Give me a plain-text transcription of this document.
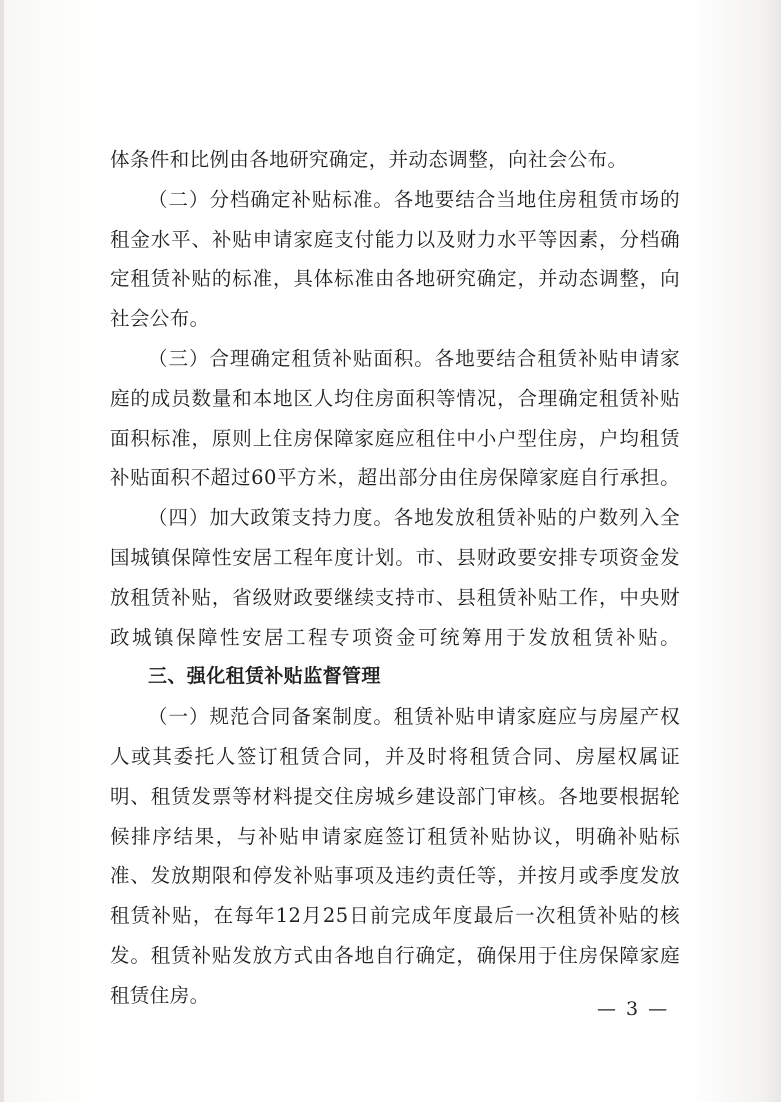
体条件和比例由各地研究确定，并动态调整，向社会公布。
（二）分档确定补贴标准。各地要结合当地住房租赁市场的
租金水平、补贴申请家庭支付能力以及财力水平等因素，分档确
定租赁补贴的标准，具体标准由各地研究确定，并动态调整，向
社会公布。
（三）合理确定租赁补贴面积。各地要结合租赁补贴申请家
庭的成员数量和本地区人均住房面积等情况，合理确定租赁补贴
面积标准，原则上住房保障家庭应租住中小户型住房，户均租赁
补贴面积不超过60平方米，超出部分由住房保障家庭自行承担。
（四）加大政策支持力度。各地发放租赁补贴的户数列入全
国城镇保障性安居工程年度计划。市、县财政要安排专项资金发
放租赁补贴，省级财政要继续支持市、县租赁补贴工作，中央财
政城镇保障性安居工程专项资金可统筹用于发放租赁补贴。
三、强化租赁补贴监督管理
（一）规范合同备案制度。租赁补贴申请家庭应与房屋产权
人或其委托人签订租赁合同，并及时将租赁合同、房屋权属证
明、租赁发票等材料提交住房城乡建设部门审核。各地要根据轮
候排序结果，与补贴申请家庭签订租赁补贴协议，明确补贴标
准、发放期限和停发补贴事项及违约责任等，并按月或季度发放
租赁补贴，在每年12月25日前完成年度最后一次租赁补贴的核
发。租赁补贴发放方式由各地自行确定，确保用于住房保障家庭
租赁住房。
— 3 —
